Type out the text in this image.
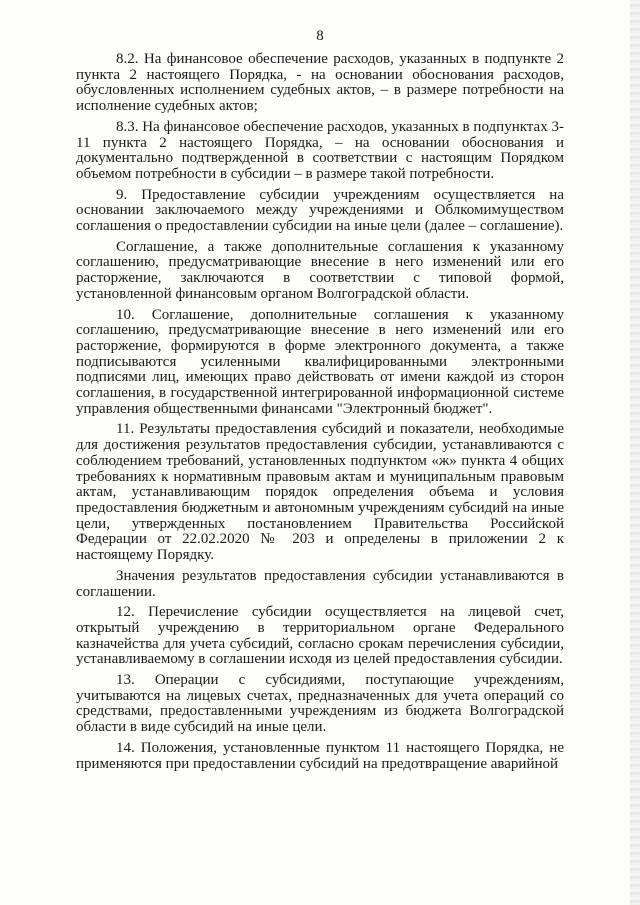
8

8.2. На финансовое обеспечение расходов, указанных в подпункте 2 пункта 2 настоящего Порядка, - на основании обоснования расходов, обусловленных исполнением судебных актов, – в размере потребности на исполнение судебных актов;

8.3. На финансовое обеспечение расходов, указанных в подпунктах 3-11 пункта 2 настоящего Порядка, – на основании обоснования и документально подтвержденной в соответствии с настоящим Порядком объемом потребности в субсидии – в размере такой потребности.

9. Предоставление субсидии учреждениям осуществляется на основании заключаемого между учреждениями и Облкомимуществом соглашения о предоставлении субсидии на иные цели (далее – соглашение).

Соглашение, а также дополнительные соглашения к указанному соглашению, предусматривающие внесение в него изменений или его расторжение, заключаются в соответствии с типовой формой, установленной финансовым органом Волгоградской области.

10. Соглашение, дополнительные соглашения к указанному соглашению, предусматривающие внесение в него изменений или его расторжение, формируются в форме электронного документа, а также подписываются усиленными квалифицированными электронными подписями лиц, имеющих право действовать от имени каждой из сторон соглашения, в государственной интегрированной информационной системе управления общественными финансами "Электронный бюджет".

11. Результаты предоставления субсидий и показатели, необходимые для достижения результатов предоставления субсидии, устанавливаются с соблюдением требований, установленных подпунктом «ж» пункта 4 общих требованиях к нормативным правовым актам и муниципальным правовым актам, устанавливающим порядок определения объема и условия предоставления бюджетным и автономным учреждениям субсидий на иные цели, утвержденных постановлением Правительства Российской Федерации от 22.02.2020 № 203 и определены в приложении 2 к настоящему Порядку.

Значения результатов предоставления субсидии устанавливаются в соглашении.

12. Перечисление субсидии осуществляется на лицевой счет, открытый учреждению в территориальном органе Федерального казначейства для учета субсидий, согласно срокам перечисления субсидии, устанавливаемому в соглашении исходя из целей предоставления субсидии.

13. Операции с субсидиями, поступающие учреждениям, учитываются на лицевых счетах, предназначенных для учета операций со средствами, предоставленными учреждениям из бюджета Волгоградской области в виде субсидий на иные цели.

14. Положения, установленные пунктом 11 настоящего Порядка, не применяются при предоставлении субсидий на предотвращение аварийной
